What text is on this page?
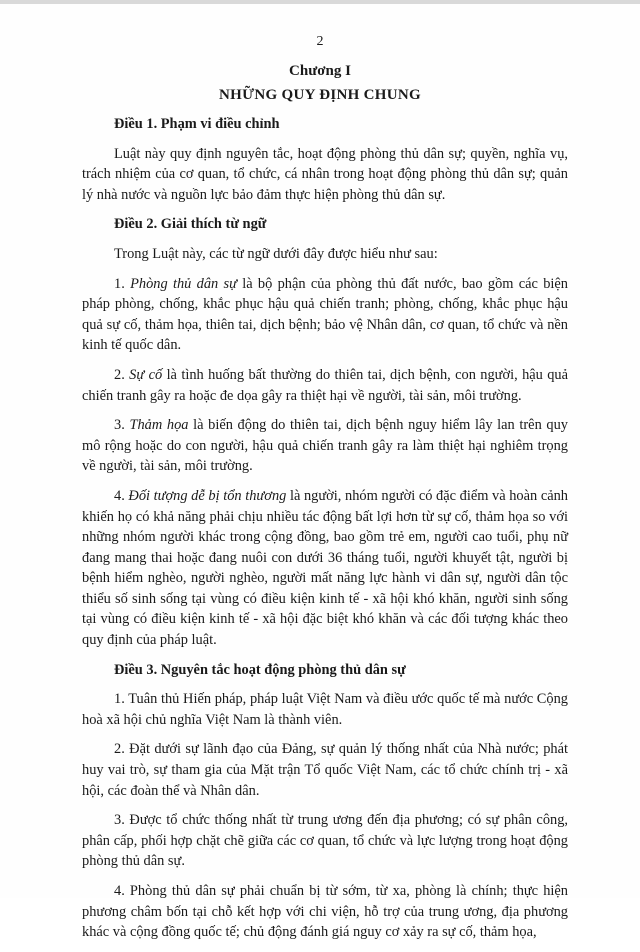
2
Chương I
NHỮNG QUY ĐỊNH CHUNG
Điều 1. Phạm vi điều chỉnh

Luật này quy định nguyên tắc, hoạt động phòng thủ dân sự; quyền, nghĩa vụ, trách nhiệm của cơ quan, tổ chức, cá nhân trong hoạt động phòng thủ dân sự; quản lý nhà nước và nguồn lực bảo đảm thực hiện phòng thủ dân sự.

Điều 2. Giải thích từ ngữ

Trong Luật này, các từ ngữ dưới đây được hiểu như sau:

1. Phòng thủ dân sự là bộ phận của phòng thủ đất nước, bao gồm các biện pháp phòng, chống, khắc phục hậu quả chiến tranh; phòng, chống, khắc phục hậu quả sự cố, thảm họa, thiên tai, dịch bệnh; bảo vệ Nhân dân, cơ quan, tổ chức và nền kinh tế quốc dân.

2. Sự cố là tình huống bất thường do thiên tai, dịch bệnh, con người, hậu quả chiến tranh gây ra hoặc đe dọa gây ra thiệt hại về người, tài sản, môi trường.

3. Thảm họa là biến động do thiên tai, dịch bệnh nguy hiểm lây lan trên quy mô rộng hoặc do con người, hậu quả chiến tranh gây ra làm thiệt hại nghiêm trọng về người, tài sản, môi trường.

4. Đối tượng dễ bị tổn thương là người, nhóm người có đặc điểm và hoàn cảnh khiến họ có khả năng phải chịu nhiều tác động bất lợi hơn từ sự cố, thảm họa so với những nhóm người khác trong cộng đồng, bao gồm trẻ em, người cao tuổi, phụ nữ đang mang thai hoặc đang nuôi con dưới 36 tháng tuổi, người khuyết tật, người bị bệnh hiểm nghèo, người nghèo, người mất năng lực hành vi dân sự, người dân tộc thiểu số sinh sống tại vùng có điều kiện kinh tế - xã hội khó khăn, người sinh sống tại vùng có điều kiện kinh tế - xã hội đặc biệt khó khăn và các đối tượng khác theo quy định của pháp luật.

Điều 3. Nguyên tắc hoạt động phòng thủ dân sự

1. Tuân thủ Hiến pháp, pháp luật Việt Nam và điều ước quốc tế mà nước Cộng hoà xã hội chủ nghĩa Việt Nam là thành viên.

2. Đặt dưới sự lãnh đạo của Đảng, sự quản lý thống nhất của Nhà nước; phát huy vai trò, sự tham gia của Mặt trận Tổ quốc Việt Nam, các tổ chức chính trị - xã hội, các đoàn thể và Nhân dân.

3. Được tổ chức thống nhất từ trung ương đến địa phương; có sự phân công, phân cấp, phối hợp chặt chẽ giữa các cơ quan, tổ chức và lực lượng trong hoạt động phòng thủ dân sự.

4. Phòng thủ dân sự phải chuẩn bị từ sớm, từ xa, phòng là chính; thực hiện phương châm bốn tại chỗ kết hợp với chi viện, hỗ trợ của trung ương, địa phương khác và cộng đồng quốc tế; chủ động đánh giá nguy cơ xảy ra sự cố, thảm họa,
